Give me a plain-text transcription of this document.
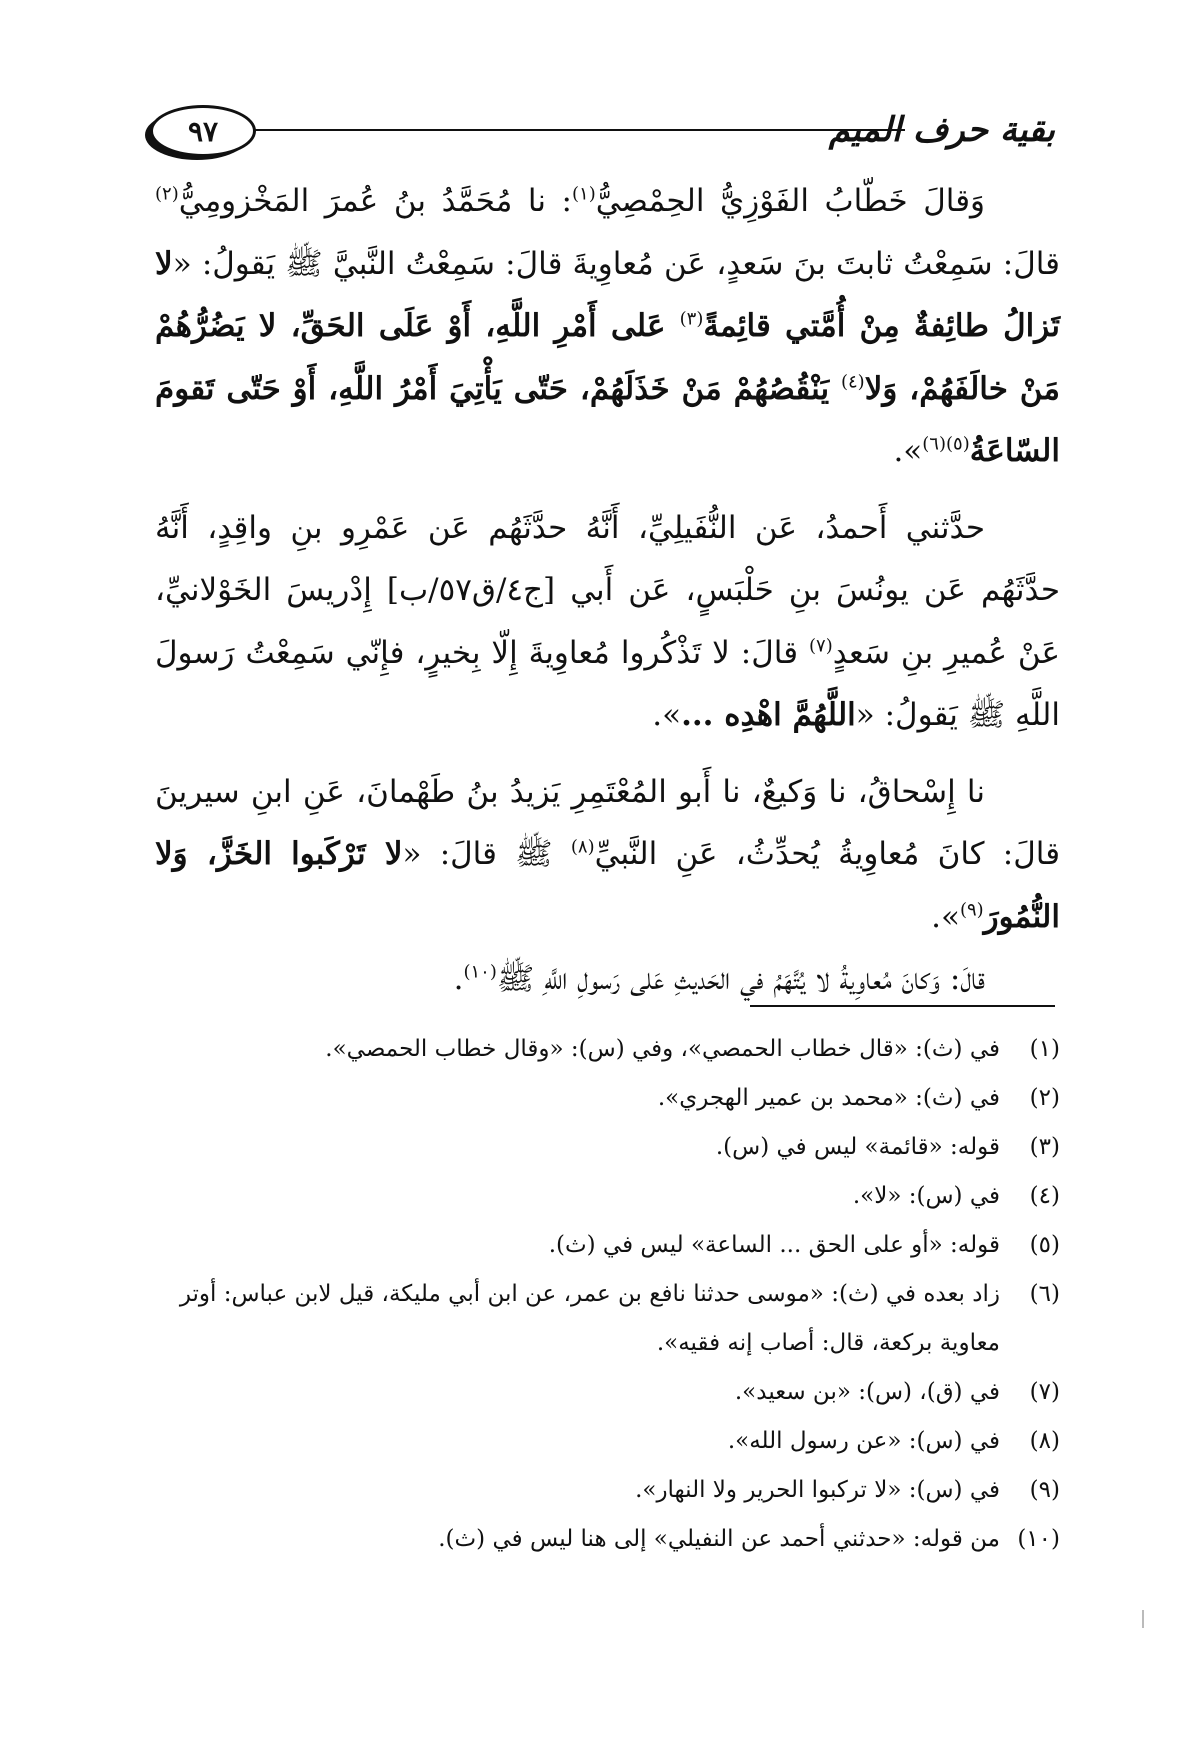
بقية حرف الميم
٩٧

وَقالَ خَطّابُ الفَوْزِيُّ الحِمْصِيُّ$^{(١)}$: نا مُحَمَّدُ بنُ عُمرَ المَخْزومِيُّ$^{(٢)}$ قالَ: سَمِعْتُ ثابتَ بنَ سَعدٍ، عَن مُعاوِيةَ قالَ: سَمِعْتُ النَّبيَّ ﷺ يَقولُ: «لا تَزالُ طائِفةٌ مِنْ أُمَّتي قائِمةً$^{(٣)}$ عَلى أَمْرِ اللَّهِ، أَوْ عَلَى الحَقِّ، لا يَضُرُّهُمْ مَنْ خالَفَهُمْ، وَلا$^{(٤)}$ يَنْقُصُهُمْ مَنْ خَذَلَهُمْ، حَتّى يَأْتِيَ أَمْرُ اللَّهِ، أَوْ حَتّى تَقومَ السّاعَةُ$^{(٥)(٦)}$».

حدَّثني أَحمدُ، عَن النُّفَيلِيِّ، أَنَّهُ حدَّثَهُم عَن عَمْرِو بنِ واقِدٍ، أَنَّهُ حدَّثَهُم عَن يونُسَ بنِ حَلْبَسٍ، عَن أَبي [ج٤/ق٥٧/ب] إِدْريسَ الخَوْلانيِّ، عَنْ عُميرِ بنِ سَعدٍ$^{(٧)}$ قالَ: لا تَذْكُروا مُعاوِيةَ إِلّا بِخيرٍ، فإِنّي سَمِعْتُ رَسولَ اللَّهِ ﷺ يَقولُ: «اللَّهُمَّ اهْدِه ...».

نا إِسْحاقُ، نا وَكيعٌ، نا أَبو المُعْتَمِرِ يَزيدُ بنُ طَهْمانَ، عَنِ ابنِ سيرينَ قالَ: كانَ مُعاوِيةُ يُحدِّثُ، عَنِ النَّبيِّ$^{(٨)}$ ﷺ قالَ: «لا تَرْكَبوا الخَزَّ، وَلا النُّمُورَ$^{(٩)}$».

قالَ: وَكانَ مُعاوِيةُ لا يُتَّهَمُ في الحَديثِ عَلى رَسولِ اللَّهِ ﷺ$^{(١٠)}$.

(١)
في (ث): «قال خطاب الحمصي»، وفي (س): «وقال خطاب الحمصي».
(٢)
في (ث): «محمد بن عمير الهجري».
(٣)
قوله: «قائمة» ليس في (س).
(٤)
في (س): «لا».
(٥)
قوله: «أو على الحق ... الساعة» ليس في (ث).
(٦)
زاد بعده في (ث): «موسى حدثنا نافع بن عمر، عن ابن أبي مليكة، قيل لابن عباس: أوتر معاوية بركعة، قال: أصاب إنه فقيه».
(٧)
في (ق)، (س): «بن سعيد».
(٨)
في (س): «عن رسول الله».
(٩)
في (س): «لا تركبوا الحرير ولا النهار».
(١٠)
من قوله: «حدثني أحمد عن النفيلي» إلى هنا ليس في (ث).
